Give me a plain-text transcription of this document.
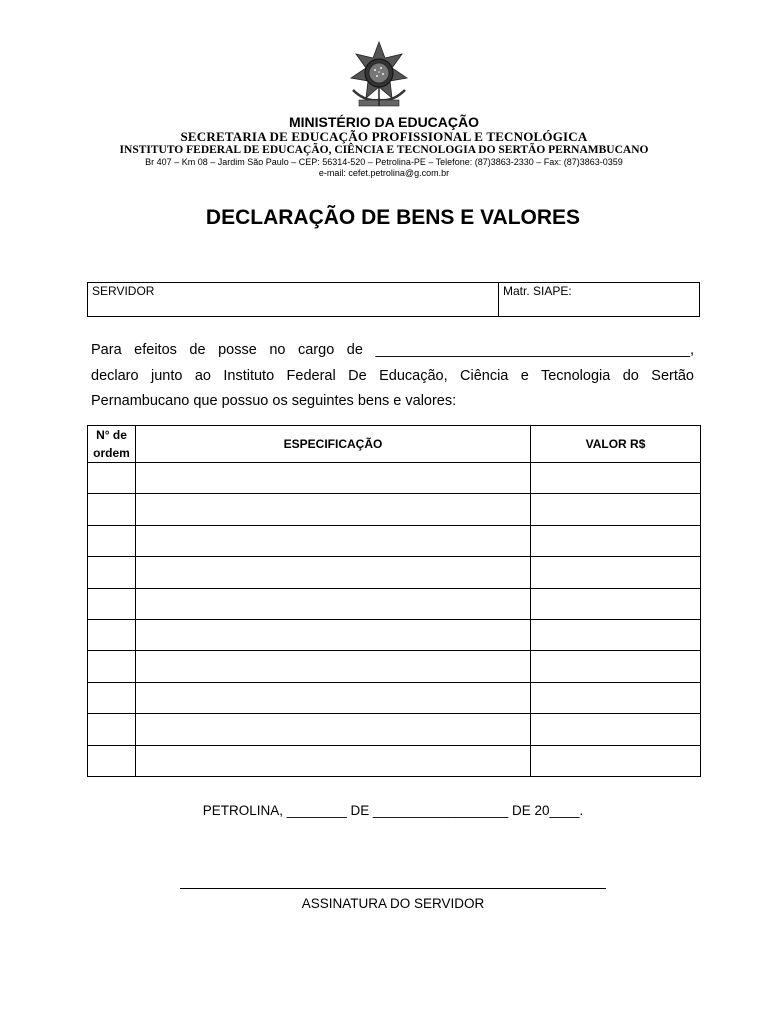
MINISTÉRIO DA EDUCAÇÃO
SECRETARIA DE EDUCAÇÃO PROFISSIONAL E TECNOLÓGICA
INSTITUTO FEDERAL DE EDUCAÇÃO, CIÊNCIA E TECNOLOGIA DO SERTÃO PERNAMBUCANO
Br 407 – Km 08 – Jardim São Paulo – CEP: 56314-520 – Petrolina-PE – Telefone: (87)3863-2330 – Fax: (87)3863-0359
e-mail: cefet.petrolina@g.com.br
DECLARAÇÃO DE BENS E VALORES
SERVIDOR	Matr. SIAPE:
Para efeitos de posse no cargo de _______________________________________,
declaro junto ao Instituto Federal De Educação, Ciência e Tecnologia do Sertão
Pernambucano que possuo os seguintes bens e valores:
N° de ordem	ESPECIFICAÇÃO	VALOR R$

PETROLINA, ________ DE __________________ DE 20____.
ASSINATURA DO SERVIDOR
